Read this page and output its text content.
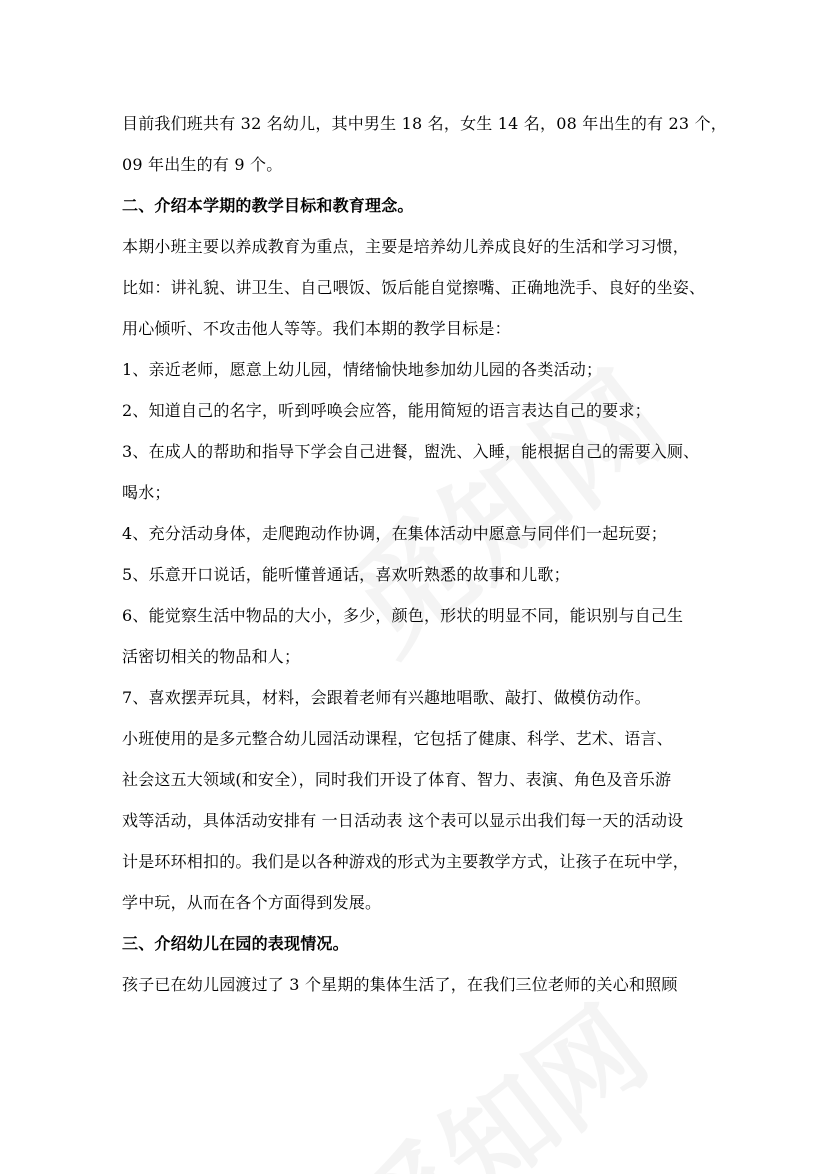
目前我们班共有 32 名幼儿，其中男生 18 名，女生 14 名，08 年出生的有 23 个，
09 年出生的有 9 个。
二、介绍本学期的教学目标和教育理念。
本期小班主要以养成教育为重点，主要是培养幼儿养成良好的生活和学习习惯，
比如：讲礼貌、讲卫生、自己喂饭、饭后能自觉擦嘴、正确地洗手、良好的坐姿、
用心倾听、不攻击他人等等。我们本期的教学目标是：
1、亲近老师，愿意上幼儿园，情绪愉快地参加幼儿园的各类活动；
2、知道自己的名字，听到呼唤会应答，能用简短的语言表达自己的要求；
3、在成人的帮助和指导下学会自己进餐，盥洗、入睡，能根据自己的需要入厕、
喝水；
4、充分活动身体，走爬跑动作协调，在集体活动中愿意与同伴们一起玩耍；
5、乐意开口说话，能听懂普通话，喜欢听熟悉的故事和儿歌；
6、能觉察生活中物品的大小，多少，颜色，形状的明显不同，能识别与自己生
活密切相关的物品和人；
7、喜欢摆弄玩具，材料，会跟着老师有兴趣地唱歌、敲打、做模仿动作。
小班使用的是多元整合幼儿园活动课程，它包括了健康、科学、艺术、语言、
社会这五大领域(和安全），同时我们开设了体育、智力、表演、角色及音乐游
戏等活动，具体活动安排有 一日活动表 这个表可以显示出我们每一天的活动设
计是环环相扣的。我们是以各种游戏的形式为主要教学方式，让孩子在玩中学，
学中玩，从而在各个方面得到发展。
三、介绍幼儿在园的表现情况。
孩子已在幼儿园渡过了 3 个星期的集体生活了，在我们三位老师的关心和照顾
